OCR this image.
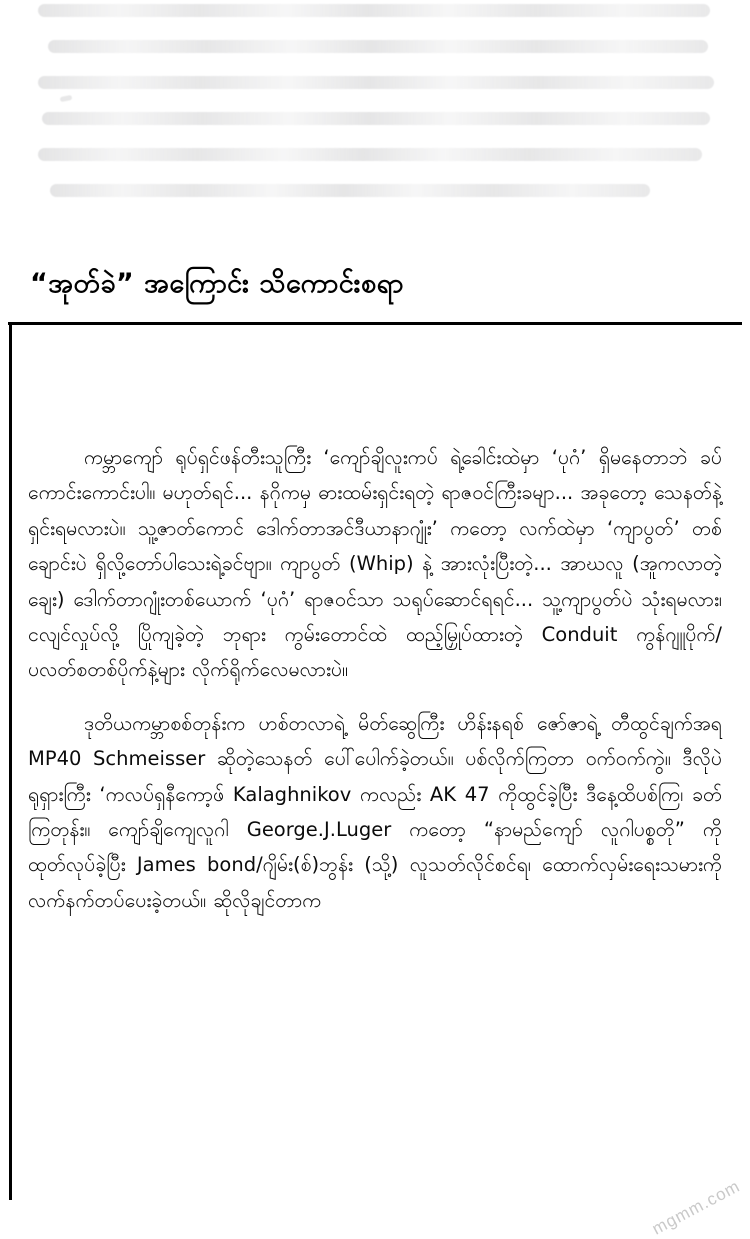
“အုတ်ခဲ” အကြောင်း သိကောင်းစရာ

ကမ္ဘာကျော် ရုပ်ရှင်ဖန်တီးသူကြီး ‘ကျော်ချိလူးကပ် ရဲ့ခေါင်းထဲမှာ ‘ပုဂံ’ ရှိမနေတာဘဲ ခပ်ကောင်းကောင်းပါ။ မဟုတ်ရင်... နဂိုကမှ ဓားထမ်းရှင်းရတဲ့ ရာဇဝင်ကြီးခမျာ... အခုတော့ သေနတ်နဲ့ ရှင်းရမလားပဲ။ သူ့ဇာတ်ကောင် ဒေါက်တာအင်ဒီယာနာဂျုံး’ ကတော့ လက်ထဲမှာ ‘ကျာပွတ်’ တစ်ချောင်းပဲ ရှိလို့တော်ပါသေးရဲ့ခင်ဗျာ။ ကျာပွတ် (Whip) နဲ့ အားလုံးပြီးတဲ့... အာဃလူ (အူကလာတဲ့ချေး) ဒေါက်တာဂျုံးတစ်ယောက် ‘ပုဂံ’ ရာဇဝင်သာ သရုပ်ဆောင်ရရင်... သူ့ကျာပွတ်ပဲ သုံးရမလား၊ ငလျင်လှုပ်လို့ ပြိုကျခဲ့တဲ့ ဘုရား ကွမ်းတောင်ထဲ ထည့်မြှုပ်ထားတဲ့ Conduit ကွန်ဂျူပိုက်/ ပလတ်စတစ်ပိုက်နဲ့များ လိုက်ရိုက်လေမလားပဲ။

ဒုတိယကမ္ဘာစစ်တုန်းက ဟစ်တလာရဲ့ မိတ်ဆွေကြီး ဟိန်းနရစ် ဇော်ဇာရဲ့ တီထွင်ချက်အရ MP40 Schmeisser ဆိုတဲ့သေနတ် ပေါ်ပေါက်ခဲ့တယ်။ ပစ်လိုက်ကြတာ ဝက်ဝက်ကွဲ။ ဒီလိုပဲ ရုရှားကြီး ‘ကလပ်ရှနီကော့ဖ် Kalaghnikov ကလည်း AK 47 ကိုထွင်ခဲ့ပြီး ဒီနေ့ထိပစ်ကြ၊ ခတ်ကြတုန်း။ ကျော်ချိကျေလူဂါ George.J.Luger ကတော့ “နာမည်ကျော် လူဂါပစ္စတို” ကို ထုတ်လုပ်ခဲ့ပြီး James bond/ဂျိမ်း(စ်)ဘွန်း (သို့) လူသတ်လိုင်စင်ရ၊ ထောက်လှမ်းရေးသမားကို လက်နက်တပ်ပေးခဲ့တယ်။ ဆိုလိုချင်တာက

mgmm.com
